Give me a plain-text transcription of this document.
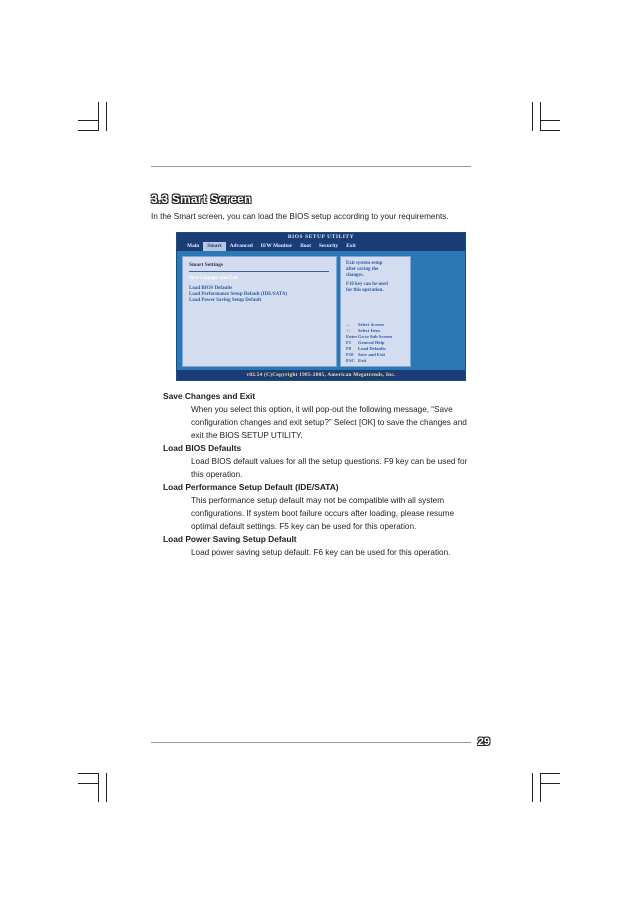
3.3 Smart Screen
In the Smart screen, you can load the BIOS setup according to your requirements.
BIOS SETUP UTILITY
Main	Smart	Advanced	H/W Monitor	Boot	Security	Exit
Smart Settings
Save Changes and Exit
Load BIOS Defaults
Load Performance Setup Default (IDE/SATA)
Load Power Saving Setup Default
Exit system setup
after saving the
changes.
F10 key can be used
for this operation.
←	Select Screen
↑↓	Select Item
Enter Go to Sub Screen
F1	General Help
F9	Load Defaults
F10 Save and Exit
ESC Exit
v02.54 (C)Copyright 1985-2005, American Megatrends, Inc.
Save Changes and Exit
When you select this option, it will pop-out the following message, “Save configuration changes and exit setup?” Select [OK] to save the changes and exit the BIOS SETUP UTILITY.
Load BIOS Defaults
Load BIOS default values for all the setup questions. F9 key can be used for this operation.
Load Performance Setup Default (IDE/SATA)
This performance setup default may not be compatible with all system configurations. If system boot failure occurs after loading, please resume optimal default settings. F5 key can be used for this operation.
Load Power Saving Setup Default
Load power saving setup default. F6 key can be used for this operation.
29
